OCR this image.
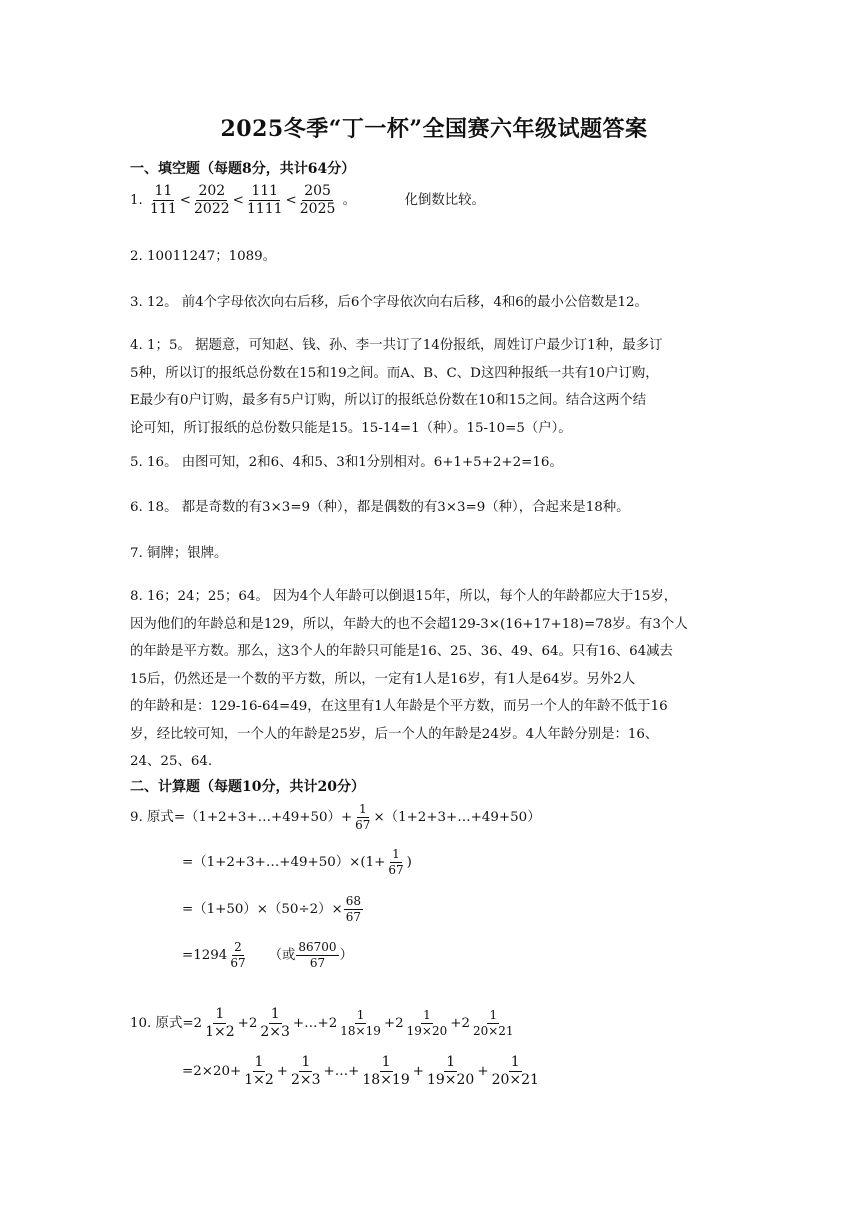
2025冬季“丁一杯”全国赛六年级试题答案
一、填空题（每题8分，共计64分）
1. $\frac{11}{111} < \frac{202}{2022} < \frac{111}{1111} < \frac{205}{2025}$ 。	化倒数比较。
2. 10011247；1089。
3. 12。 前4个字母依次向右后移，后6个字母依次向右后移，4和6的最小公倍数是12。

4. 1；5。 据题意，可知赵、钱、孙、李一共订了14份报纸，周姓订户最少订1种，最多订

5种，所以订的报纸总份数在15和19之间。而A、B、C、D这四种报纸一共有10户订购，

E最少有0户订购，最多有5户订购，所以订的报纸总份数在10和15之间。结合这两个结

论可知，所订报纸的总份数只能是15。15-14=1（种）。15-10=5（户）。

5. 16。 由图可知，2和6、4和5、3和1分别相对。6+1+5+2+2=16。
6. 18。 都是奇数的有3×3=9（种），都是偶数的有3×3=9（种），合起来是18种。
7. 铜牌；银牌。

8. 16；24；25；64。 因为4个人年龄可以倒退15年，所以，每个人的年龄都应大于15岁，

因为他们的年龄总和是129，所以，年龄大的也不会超129-3×(16+17+18)=78岁。有3个人

的年龄是平方数。那么，这3个人的年龄只可能是16、25、36、49、64。只有16、64减去

15后，仍然还是一个数的平方数，所以，一定有1人是16岁，有1人是64岁。另外2人

的年龄和是：129-16-64=49，在这里有1人年龄是个平方数，而另一个人的年龄不低于16

岁，经比较可知，一个人的年龄是25岁，后一个人的年龄是24岁。4人年龄分别是：16、

24、25、64.

二、计算题（每题10分，共计20分）
9. 原式=（1+2+3+…+49+50）+ $\frac{1}{67}$ ×（1+2+3+…+49+50）
=（1+2+3+…+49+50）×(1+ $\frac{1}{67}$ )
$=(1+50)\times(50\div 2)\times \frac{68}{67}$
$=1294 \frac{2}{67}$ （或 $\frac{86700}{67}$ ）
10. 原式$=2 \frac{1}{1\times 2} +2 \frac{1}{2\times 3}$ +…+2 $\frac{1}{18\times 19} +2 \frac{1}{19\times 20} +2 \frac{1}{20\times 21}$
$=2\times 20+ \frac{1}{1\times 2} + \frac{1}{2\times 3}$ +…+ $\frac{1}{18\times 19} + \frac{1}{19\times 20} + \frac{1}{20\times 21}$
